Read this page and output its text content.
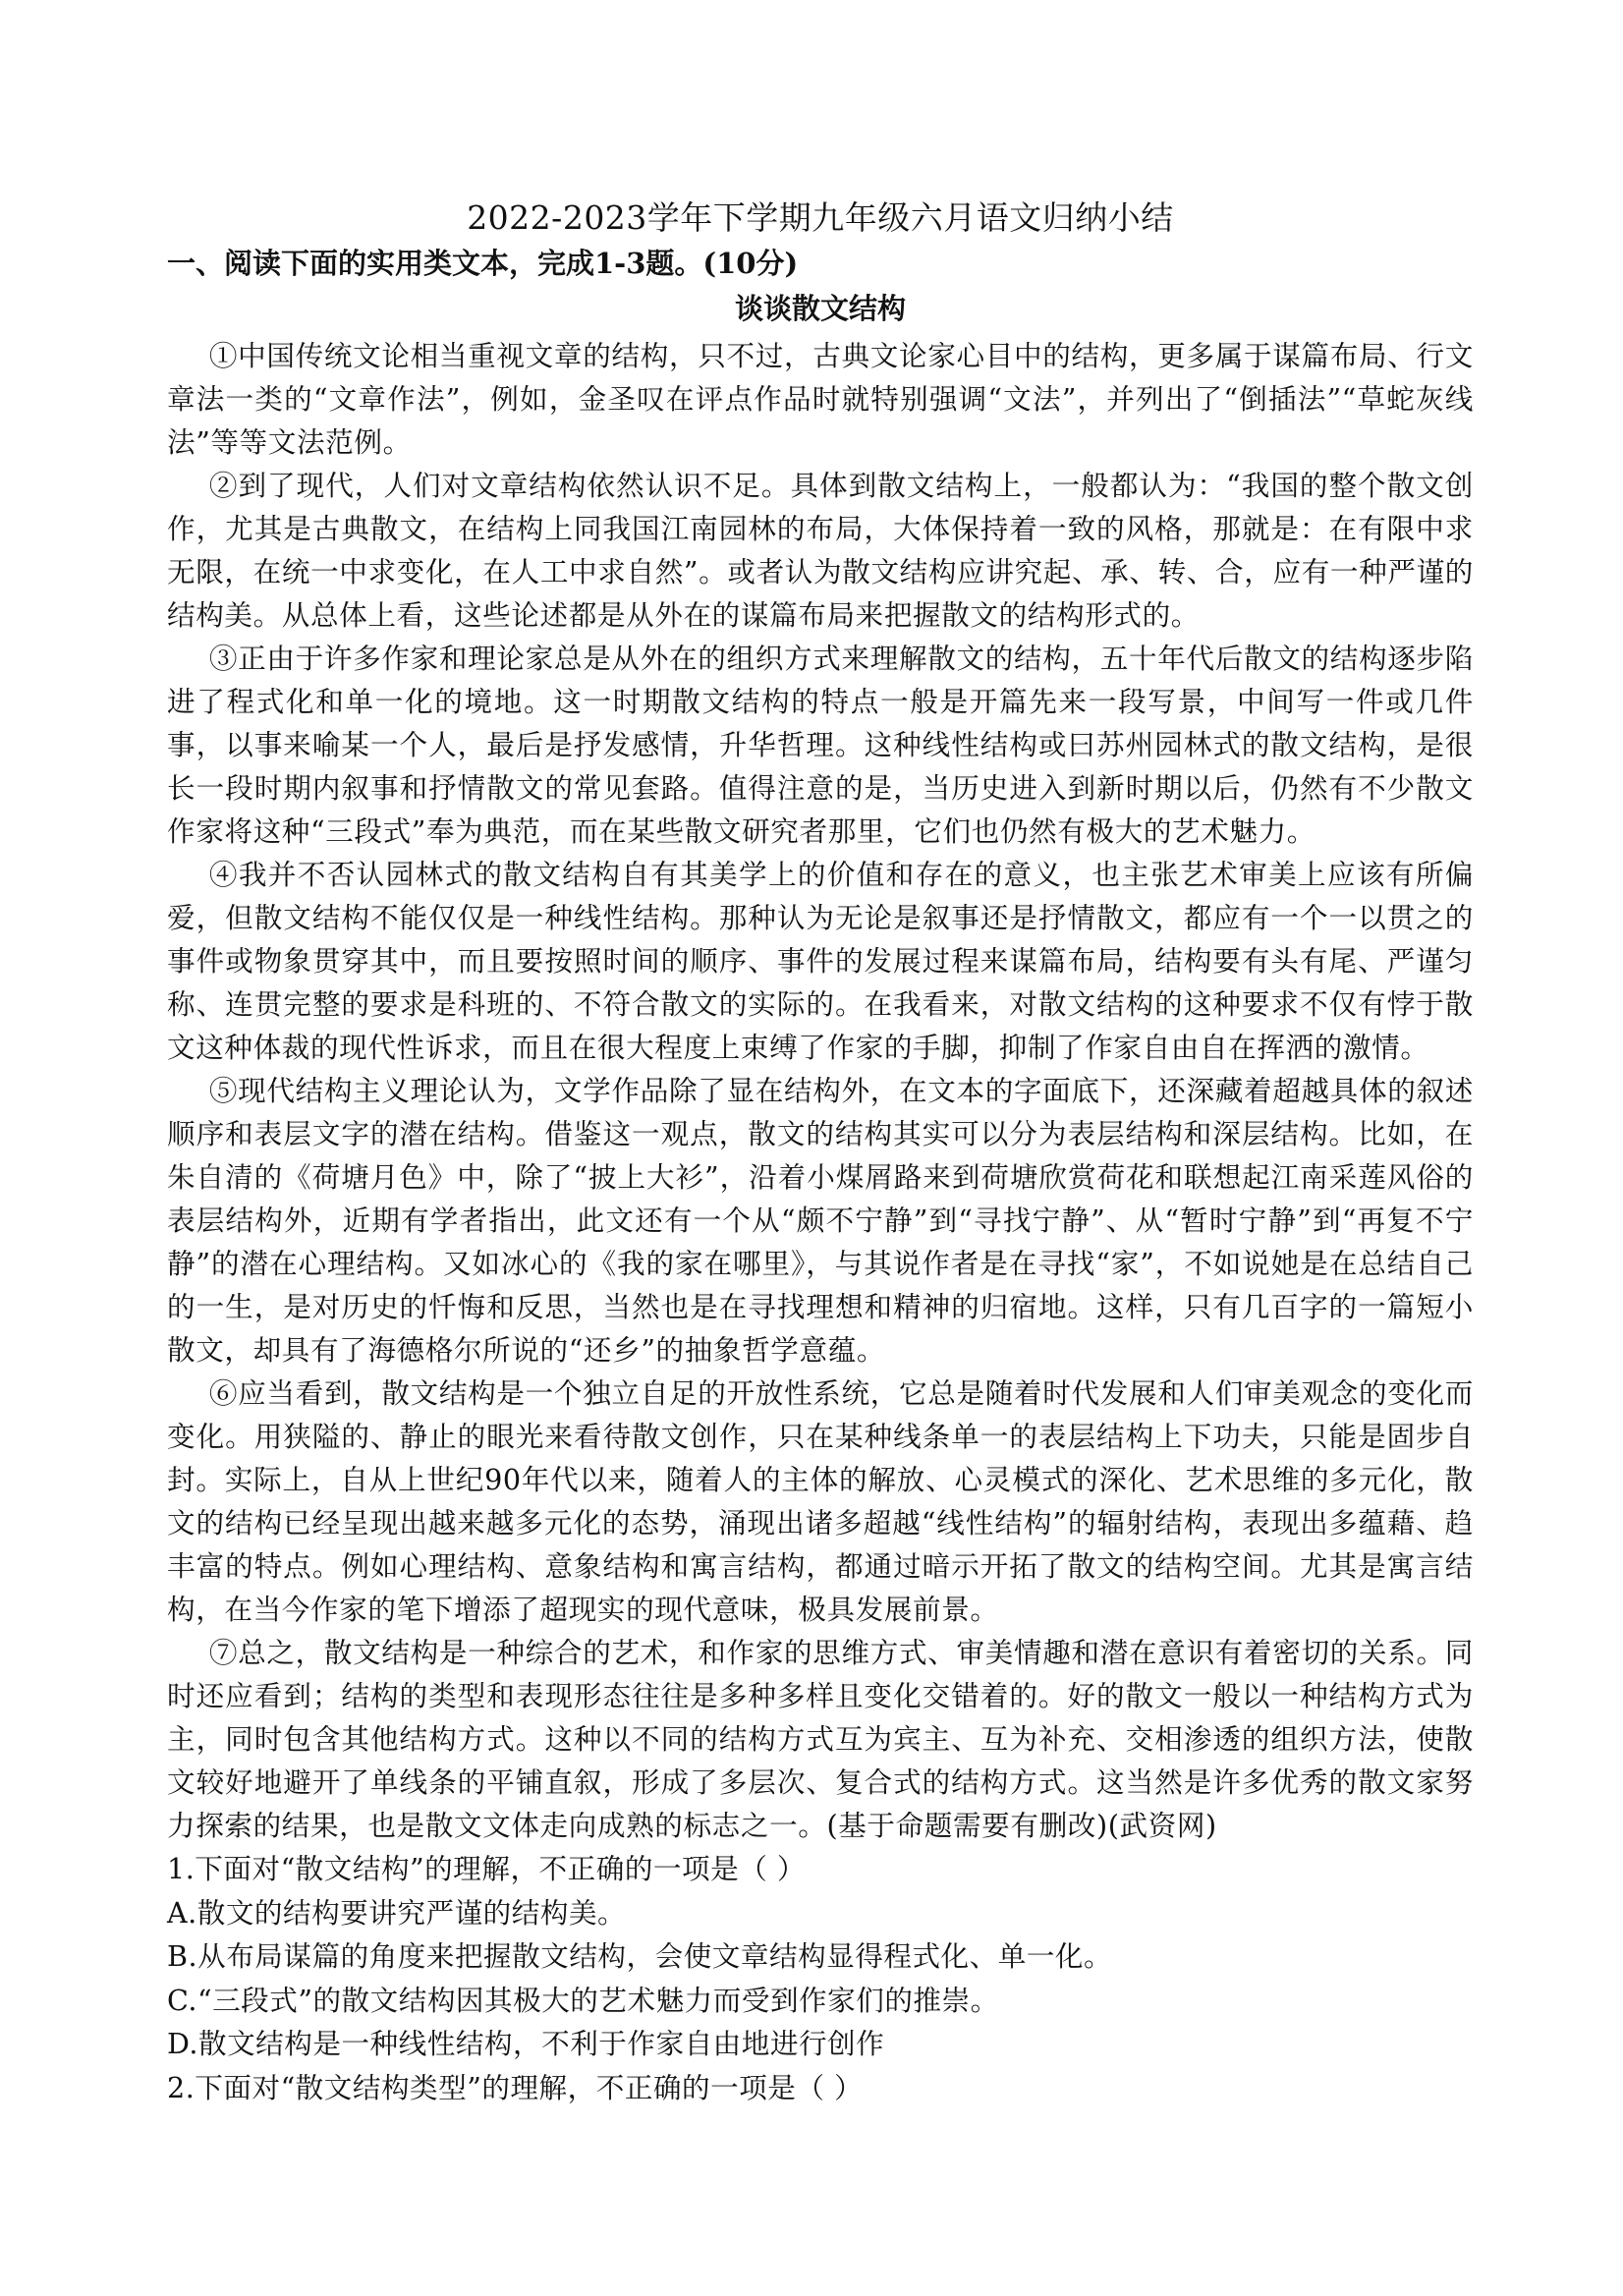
2022-2023学年下学期九年级六月语文归纳小结

一、阅读下面的实用类文本，完成1-3题。(10分)

谈谈散文结构

①中国传统文论相当重视文章的结构，只不过，古典文论家心目中的结构，更多属于谋篇布局、行文章法一类的“文章作法”，例如，金圣叹在评点作品时就特别强调“文法”，并列出了“倒插法”“草蛇灰线法”等等文法范例。

②到了现代，人们对文章结构依然认识不足。具体到散文结构上，一般都认为：“我国的整个散文创作，尤其是古典散文，在结构上同我国江南园林的布局，大体保持着一致的风格，那就是：在有限中求无限，在统一中求变化，在人工中求自然”。或者认为散文结构应讲究起、承、转、合，应有一种严谨的结构美。从总体上看，这些论述都是从外在的谋篇布局来把握散文的结构形式的。

③正由于许多作家和理论家总是从外在的组织方式来理解散文的结构，五十年代后散文的结构逐步陷进了程式化和单一化的境地。这一时期散文结构的特点一般是开篇先来一段写景，中间写一件或几件事，以事来喻某一个人，最后是抒发感情，升华哲理。这种线性结构或曰苏州园林式的散文结构，是很长一段时期内叙事和抒情散文的常见套路。值得注意的是，当历史进入到新时期以后，仍然有不少散文作家将这种“三段式”奉为典范，而在某些散文研究者那里，它们也仍然有极大的艺术魅力。

④我并不否认园林式的散文结构自有其美学上的价值和存在的意义，也主张艺术审美上应该有所偏爱，但散文结构不能仅仅是一种线性结构。那种认为无论是叙事还是抒情散文，都应有一个一以贯之的事件或物象贯穿其中，而且要按照时间的顺序、事件的发展过程来谋篇布局，结构要有头有尾、严谨匀称、连贯完整的要求是科班的、不符合散文的实际的。在我看来，对散文结构的这种要求不仅有悖于散文这种体裁的现代性诉求，而且在很大程度上束缚了作家的手脚，抑制了作家自由自在挥洒的激情。

⑤现代结构主义理论认为，文学作品除了显在结构外，在文本的字面底下，还深藏着超越具体的叙述顺序和表层文字的潜在结构。借鉴这一观点，散文的结构其实可以分为表层结构和深层结构。比如，在朱自清的《荷塘月色》中，除了“披上大衫”，沿着小煤屑路来到荷塘欣赏荷花和联想起江南采莲风俗的表层结构外，近期有学者指出，此文还有一个从“颇不宁静”到“寻找宁静”、从“暂时宁静”到“再复不宁静”的潜在心理结构。又如冰心的《我的家在哪里》，与其说作者是在寻找“家”，不如说她是在总结自己的一生，是对历史的忏悔和反思，当然也是在寻找理想和精神的归宿地。这样，只有几百字的一篇短小散文，却具有了海德格尔所说的“还乡”的抽象哲学意蕴。

⑥应当看到，散文结构是一个独立自足的开放性系统，它总是随着时代发展和人们审美观念的变化而变化。用狭隘的、静止的眼光来看待散文创作，只在某种线条单一的表层结构上下功夫，只能是固步自封。实际上，自从上世纪90年代以来，随着人的主体的解放、心灵模式的深化、艺术思维的多元化，散文的结构已经呈现出越来越多元化的态势，涌现出诸多超越“线性结构”的辐射结构，表现出多蕴藉、趋丰富的特点。例如心理结构、意象结构和寓言结构，都通过暗示开拓了散文的结构空间。尤其是寓言结构，在当今作家的笔下增添了超现实的现代意味，极具发展前景。

⑦总之，散文结构是一种综合的艺术，和作家的思维方式、审美情趣和潜在意识有着密切的关系。同时还应看到；结构的类型和表现形态往往是多种多样且变化交错着的。好的散文一般以一种结构方式为主，同时包含其他结构方式。这种以不同的结构方式互为宾主、互为补充、交相渗透的组织方法，使散文较好地避开了单线条的平铺直叙，形成了多层次、复合式的结构方式。这当然是许多优秀的散文家努力探索的结果，也是散文文体走向成熟的标志之一。(基于命题需要有删改)(武资网)

1.下面对“散文结构”的理解，不正确的一项是（ ）

A.散文的结构要讲究严谨的结构美。

B.从布局谋篇的角度来把握散文结构，会使文章结构显得程式化、单一化。

C.“三段式”的散文结构因其极大的艺术魅力而受到作家们的推崇。

D.散文结构是一种线性结构，不利于作家自由地进行创作

2.下面对“散文结构类型”的理解，不正确的一项是（ ）
